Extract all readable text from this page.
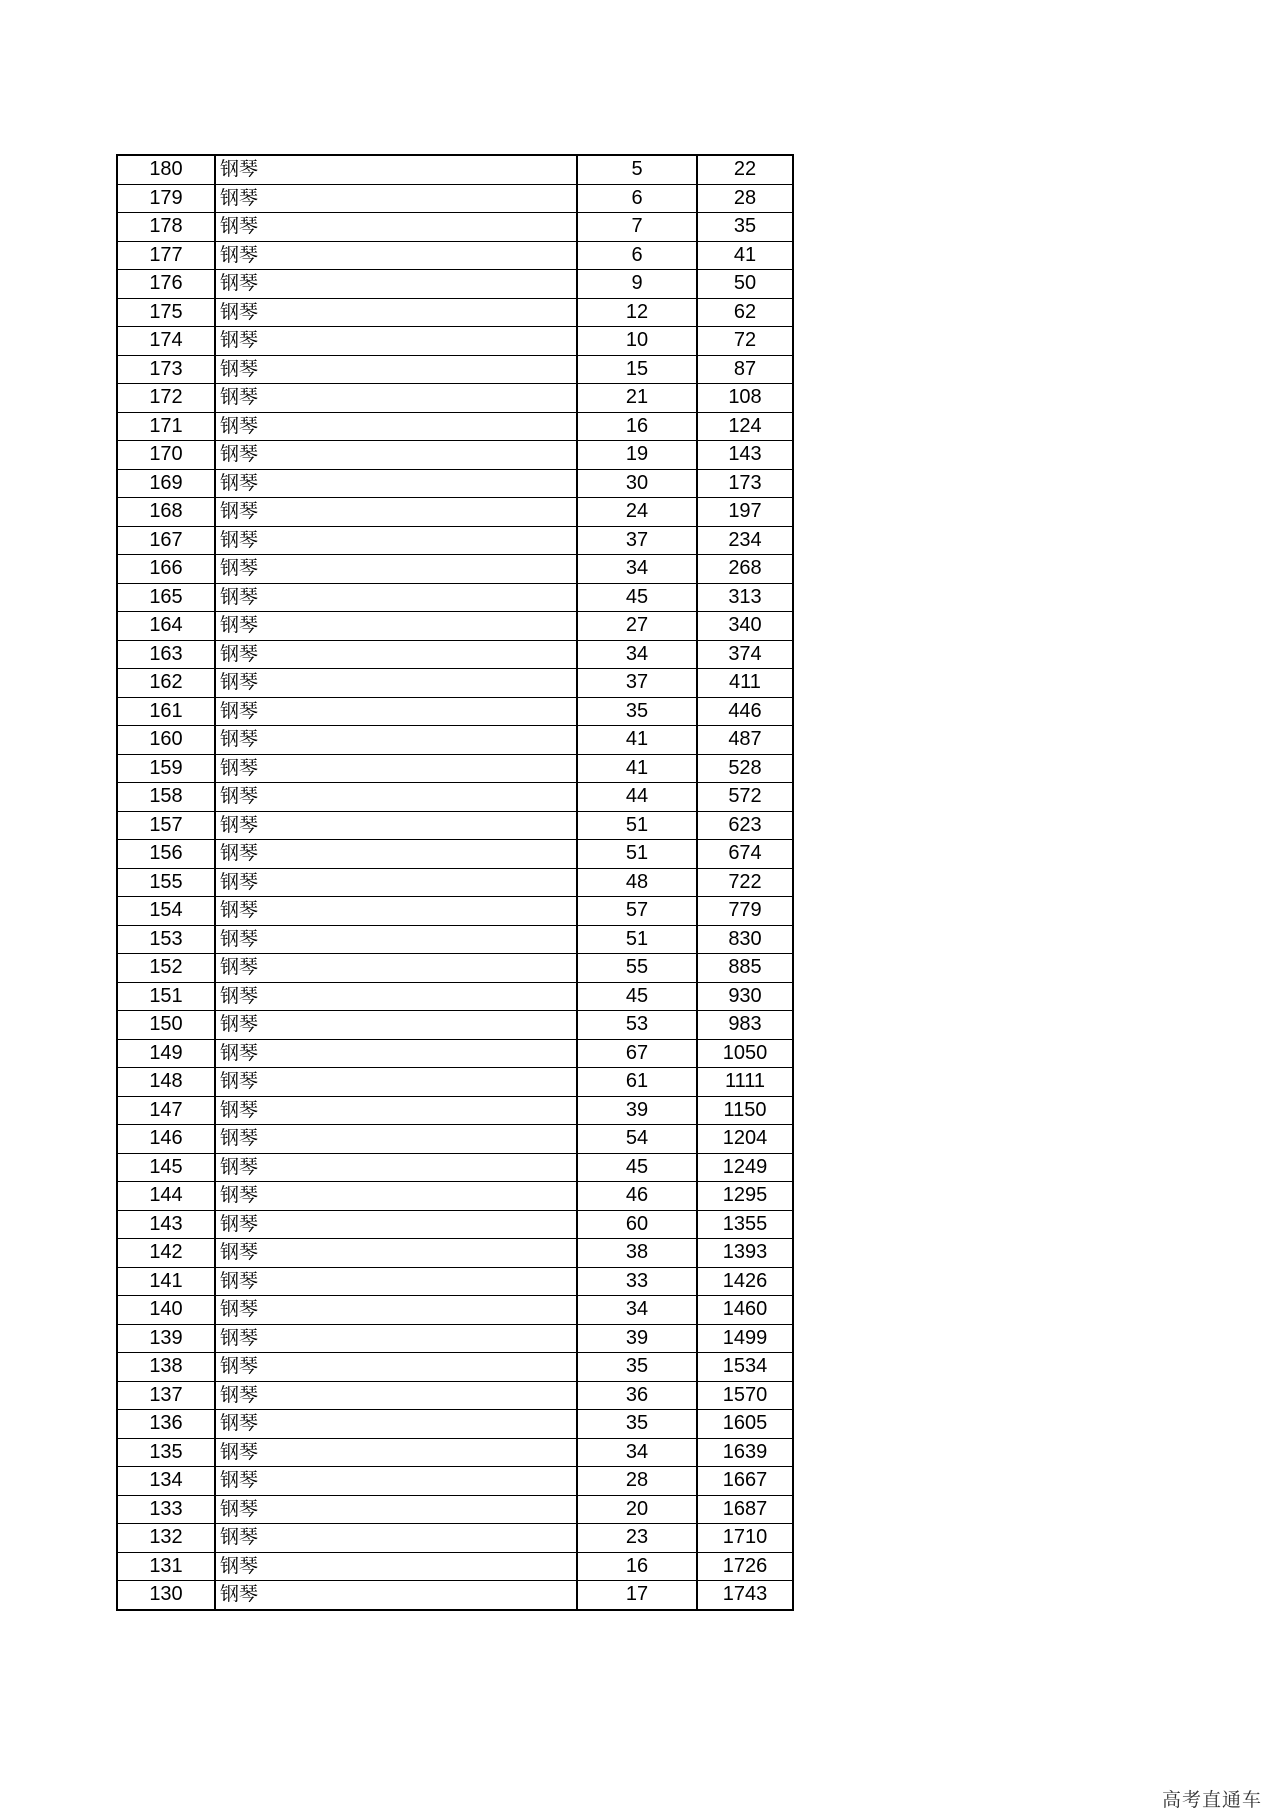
180	钢琴	5	22
179	钢琴	6	28
178	钢琴	7	35
177	钢琴	6	41
176	钢琴	9	50
175	钢琴	12	62
174	钢琴	10	72
173	钢琴	15	87
172	钢琴	21	108
171	钢琴	16	124
170	钢琴	19	143
169	钢琴	30	173
168	钢琴	24	197
167	钢琴	37	234
166	钢琴	34	268
165	钢琴	45	313
164	钢琴	27	340
163	钢琴	34	374
162	钢琴	37	411
161	钢琴	35	446
160	钢琴	41	487
159	钢琴	41	528
158	钢琴	44	572
157	钢琴	51	623
156	钢琴	51	674
155	钢琴	48	722
154	钢琴	57	779
153	钢琴	51	830
152	钢琴	55	885
151	钢琴	45	930
150	钢琴	53	983
149	钢琴	67	1050
148	钢琴	61	1111
147	钢琴	39	1150
146	钢琴	54	1204
145	钢琴	45	1249
144	钢琴	46	1295
143	钢琴	60	1355
142	钢琴	38	1393
141	钢琴	33	1426
140	钢琴	34	1460
139	钢琴	39	1499
138	钢琴	35	1534
137	钢琴	36	1570
136	钢琴	35	1605
135	钢琴	34	1639
134	钢琴	28	1667
133	钢琴	20	1687
132	钢琴	23	1710
131	钢琴	16	1726
130	钢琴	17	1743
高考直通车
